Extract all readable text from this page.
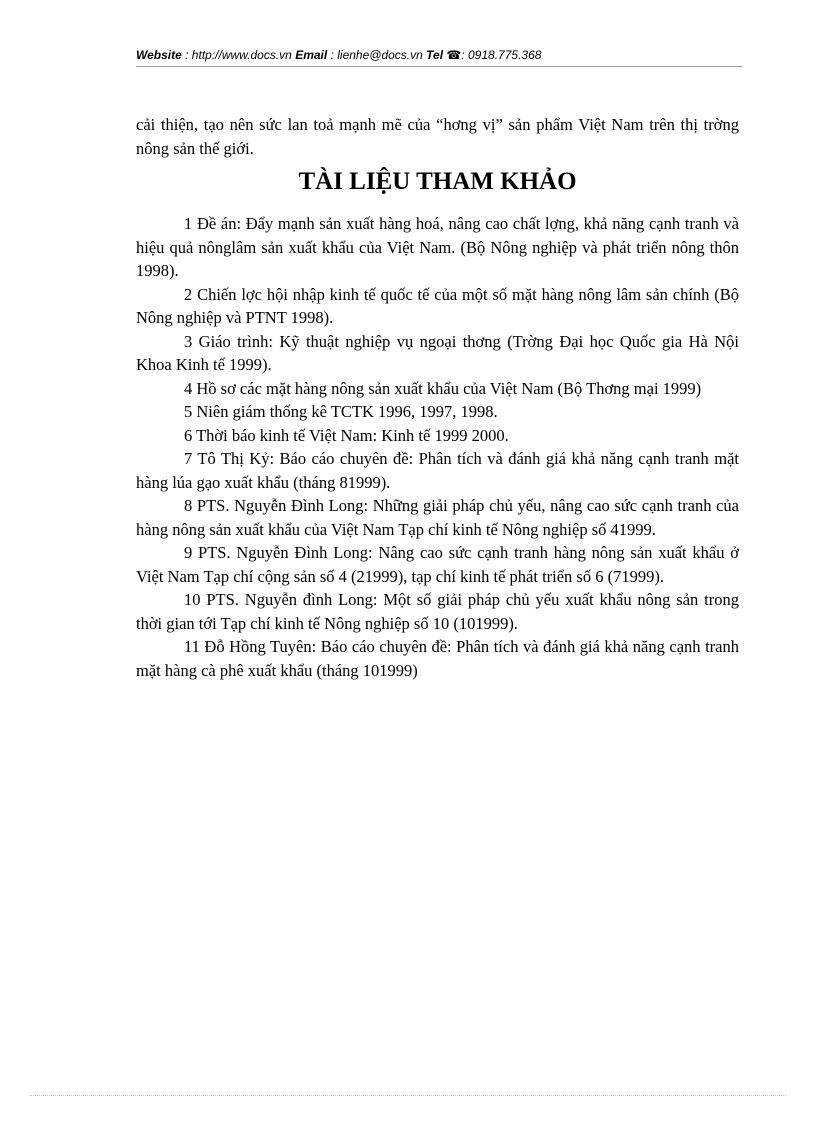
Website : http://www.docs.vn Email : lienhe@docs.vn Tel ☎: 0918.775.368

cải thiện, tạo nên sức lan toả mạnh mẽ của “hơng vị” sản phẩm Việt Nam trên thị trờng nông sản thế giới.

TÀI LIỆU THAM KHẢO

1 Đề án: Đẩy mạnh sản xuất hàng hoá, nâng cao chất lợng, khả năng cạnh tranh và hiệu quả nônglâm sản xuất khẩu của Việt Nam. (Bộ Nông nghiệp và phát triển nông thôn 1998).

2 Chiến lợc hội nhập kinh tế quốc tế của một số mặt hàng nông lâm sản chính (Bộ Nông nghiệp và PTNT 1998).

3 Giáo trình: Kỹ thuật nghiệp vụ ngoại thơng (Trờng Đại học Quốc gia Hà Nội Khoa Kinh tế 1999).

4 Hồ sơ các mặt hàng nông sản xuất khẩu của Việt Nam (Bộ Thơng mại 1999)

5 Niên giám thống kê TCTK 1996, 1997, 1998.

6 Thời báo kinh tế Việt Nam: Kinh tế 1999 2000.

7 Tô Thị Kỷ: Báo cáo chuyên đề: Phân tích và đánh giá khả năng cạnh tranh mặt hàng lúa gạo xuất khẩu (tháng 81999).

8 PTS. Nguyễn Đình Long: Những giải pháp chủ yếu, nâng cao sức cạnh tranh của hàng nông sản xuất khẩu của Việt Nam Tạp chí kinh tế Nông nghiệp số 41999.

9 PTS. Nguyễn Đình Long: Nâng cao sức cạnh tranh hàng nông sản xuất khẩu ở Việt Nam Tạp chí cộng sản số 4 (21999), tạp chí kinh tế phát triển số 6 (71999).

10 PTS. Nguyễn đình Long: Một số giải pháp chủ yếu xuất khẩu nông sản trong thời gian tới Tạp chí kinh tế Nông nghiệp số 10 (101999).

11 Đỗ Hồng Tuyên: Báo cáo chuyên đề: Phân tích và đánh giá khả năng cạnh tranh mặt hàng cà phê xuất khẩu (tháng 101999)
